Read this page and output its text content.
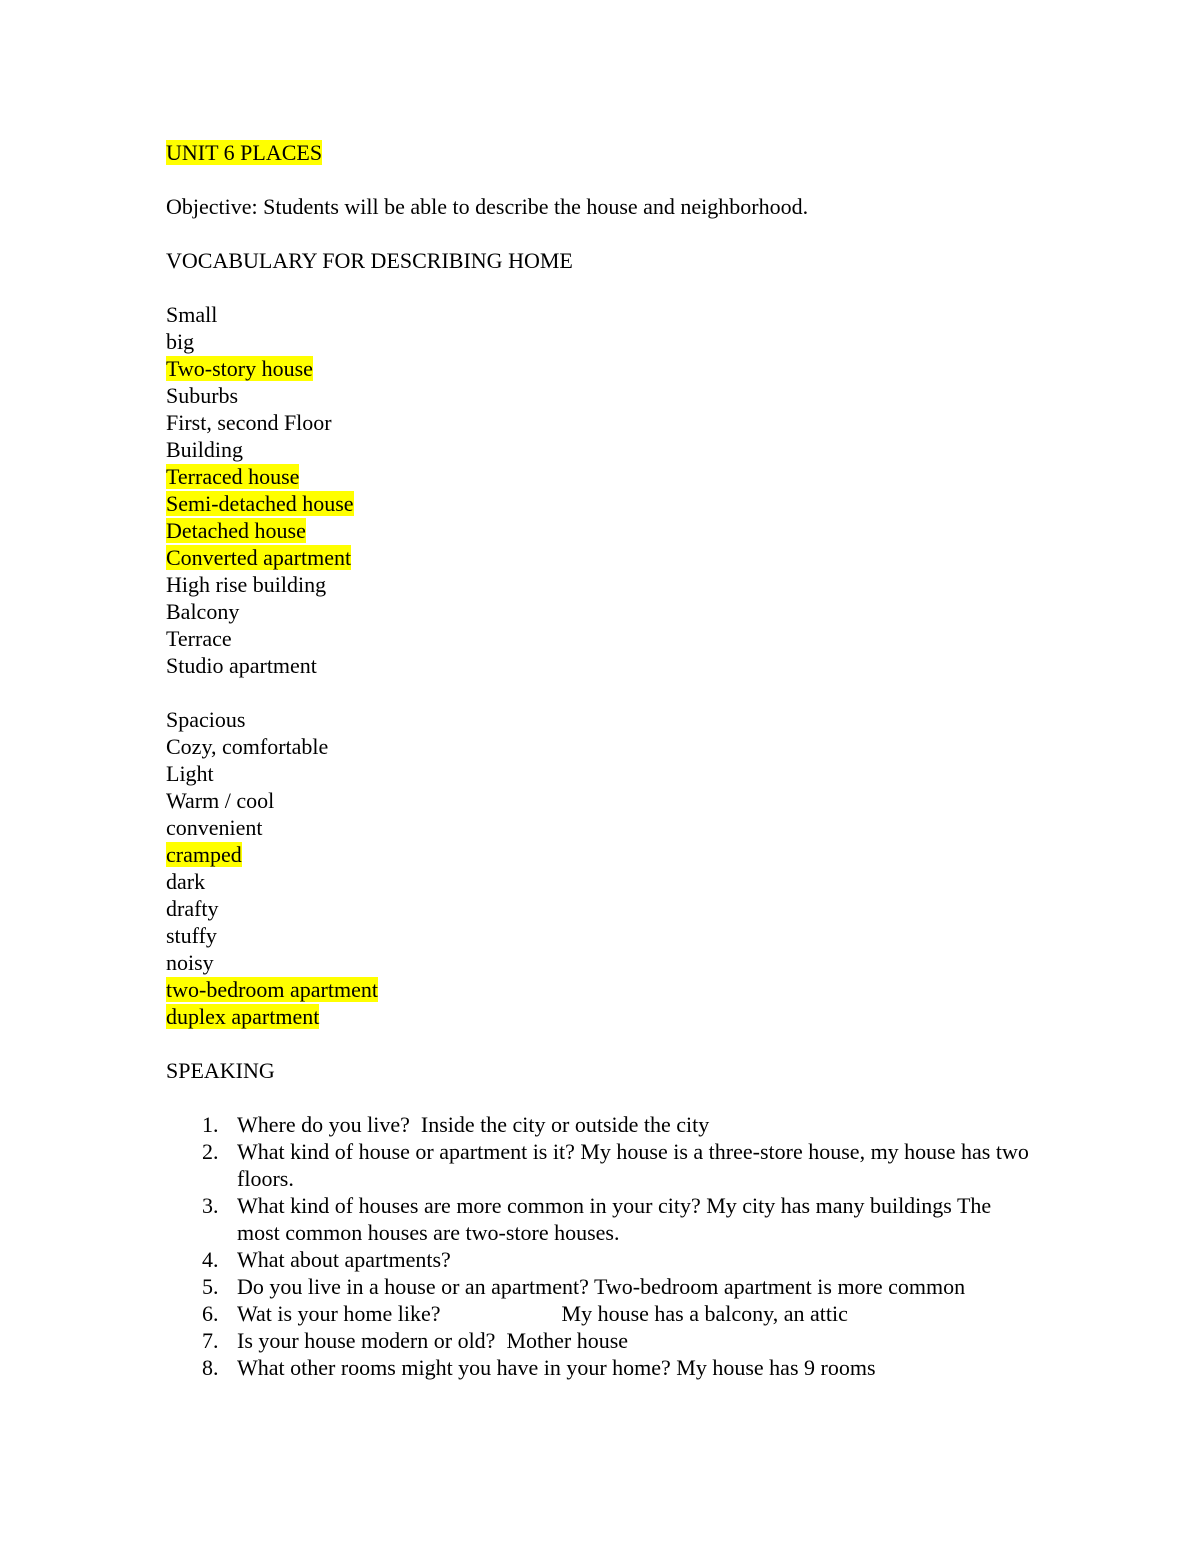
UNIT 6 PLACES
Objective: Students will be able to describe the house and neighborhood.
VOCABULARY FOR DESCRIBING HOME
Small
big
Two-story house
Suburbs
First, second Floor
Building
Terraced house
Semi-detached house
Detached house
Converted apartment
High rise building
Balcony
Terrace
Studio apartment
Spacious
Cozy, comfortable
Light
Warm / cool
convenient
cramped
dark
drafty
stuffy
noisy
two-bedroom apartment
duplex apartment
SPEAKING
1. Where do you live?  Inside the city or outside the city
2. What kind of house or apartment is it? My house is a three-store house, my house has two floors.
3. What kind of houses are more common in your city? My city has many buildings The most common houses are two-store houses.
4. What about apartments?
5. Do you live in a house or an apartment? Two-bedroom apartment is more common
6. Wat is your home like?                      My house has a balcony, an attic
7. Is your house modern or old?  Mother house
8. What other rooms might you have in your home? My house has 9 rooms
